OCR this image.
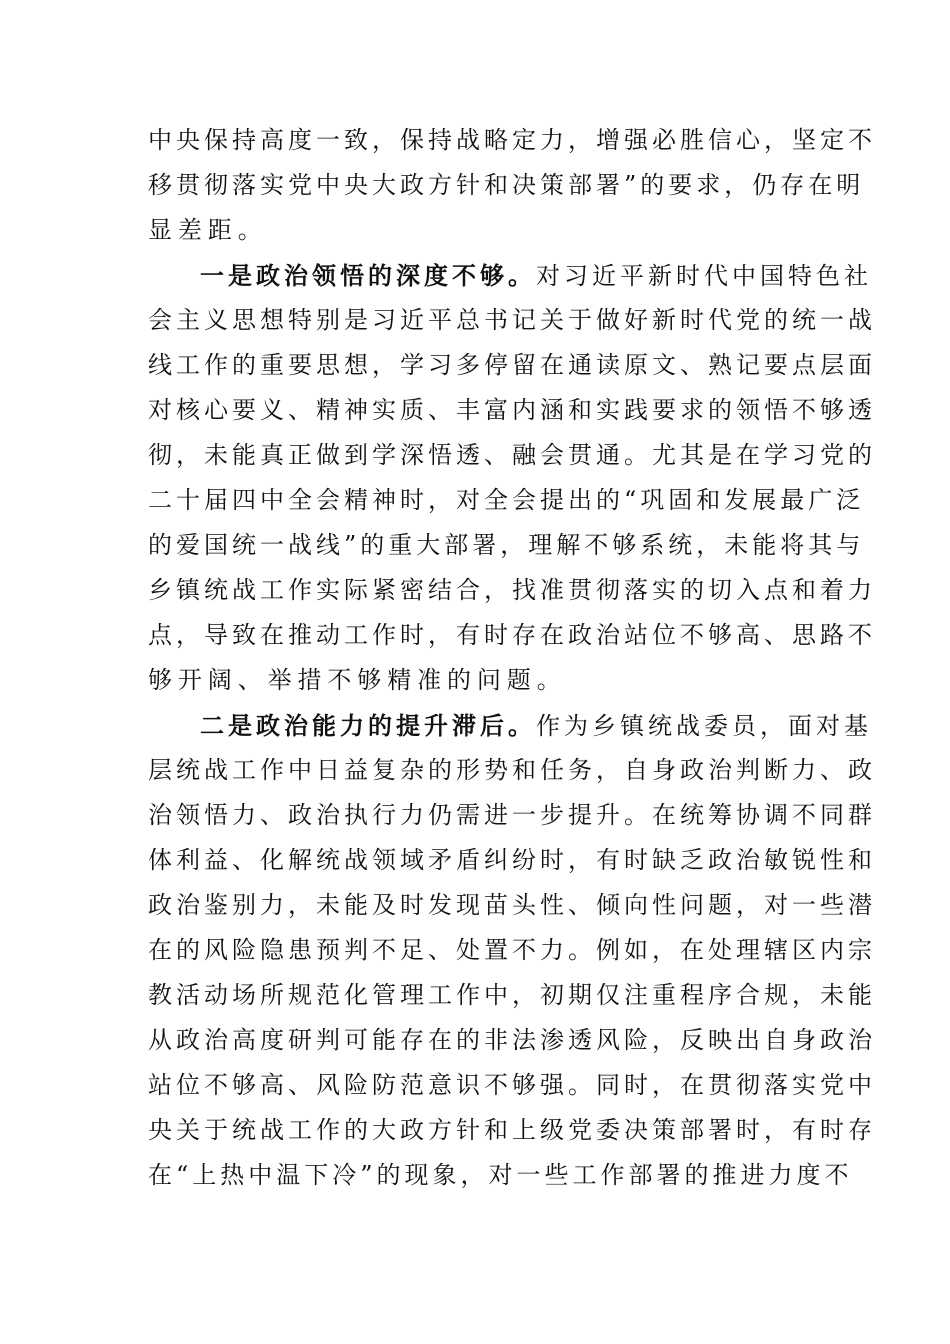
中央保持高度一致，保持战略定力，增强必胜信心，坚定不
移贯彻落实党中央大政方针和决策部署”的要求，仍存在明
显差距。
一是政治领悟的深度不够。对习近平新时代中国特色社
会主义思想特别是习近平总书记关于做好新时代党的统一战
线工作的重要思想，学习多停留在通读原文、熟记要点层面
对核心要义、精神实质、丰富内涵和实践要求的领悟不够透
彻，未能真正做到学深悟透、融会贯通。尤其是在学习党的
二十届四中全会精神时，对全会提出的“巩固和发展最广泛
的爱国统一战线”的重大部署，理解不够系统，未能将其与
乡镇统战工作实际紧密结合，找准贯彻落实的切入点和着力
点，导致在推动工作时，有时存在政治站位不够高、思路不
够开阔、举措不够精准的问题。
二是政治能力的提升滞后。作为乡镇统战委员，面对基
层统战工作中日益复杂的形势和任务，自身政治判断力、政
治领悟力、政治执行力仍需进一步提升。在统筹协调不同群
体利益、化解统战领域矛盾纠纷时，有时缺乏政治敏锐性和
政治鉴别力，未能及时发现苗头性、倾向性问题，对一些潜
在的风险隐患预判不足、处置不力。例如，在处理辖区内宗
教活动场所规范化管理工作中，初期仅注重程序合规，未能
从政治高度研判可能存在的非法渗透风险，反映出自身政治
站位不够高、风险防范意识不够强。同时，在贯彻落实党中
央关于统战工作的大政方针和上级党委决策部署时，有时存
在“上热中温下冷”的现象，对一些工作部署的推进力度不
